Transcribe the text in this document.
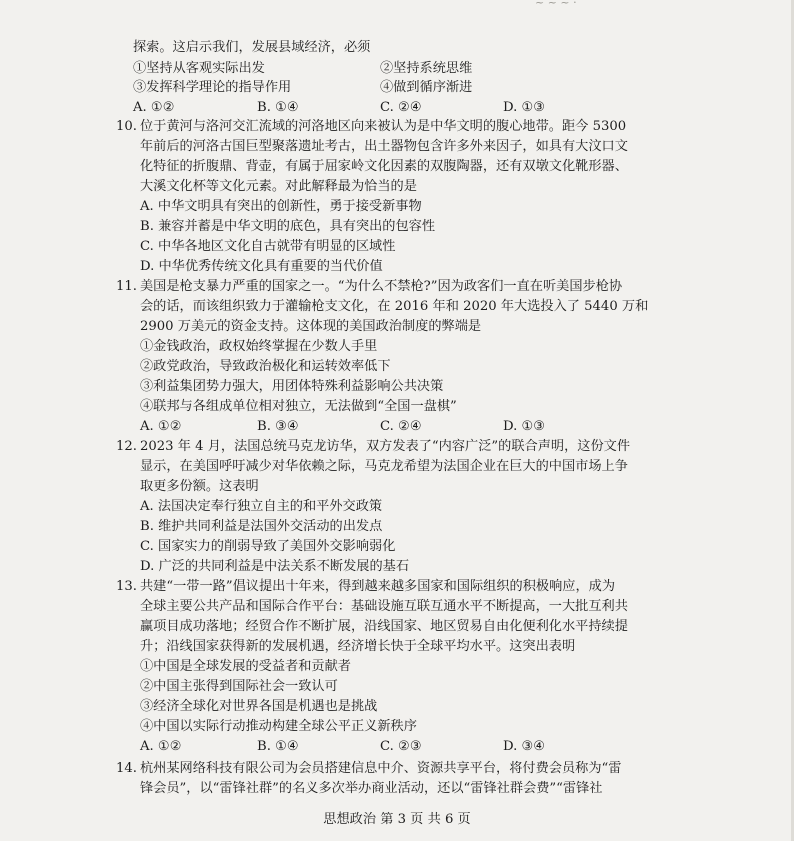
~ ~ ~ ·
探索。这启示我们，发展县域经济，必须
①坚持从客观实际出发	②坚持系统思维
③发挥科学理论的指导作用	④做到循序渐进
A. ①②	B. ①④	C. ②④	D. ①③
10. 位于黄河与洛河交汇流域的河洛地区向来被认为是中华文明的腹心地带。距今 5300
年前后的河洛古国巨型聚落遗址考古，出土器物包含许多外来因子，如具有大汶口文
化特征的折腹鼎、背壶，有属于屈家岭文化因素的双腹陶器，还有双墩文化靴形器、
大溪文化杯等文化元素。对此解释最为恰当的是
A. 中华文明具有突出的创新性，勇于接受新事物
B. 兼容并蓄是中华文明的底色，具有突出的包容性
C. 中华各地区文化自古就带有明显的区域性
D. 中华优秀传统文化具有重要的当代价值
11. 美国是枪支暴力严重的国家之一。“为什么不禁枪?”因为政客们一直在听美国步枪协
会的话，而该组织致力于灌输枪支文化，在 2016 年和 2020 年大选投入了 5440 万和
2900 万美元的资金支持。这体现的美国政治制度的弊端是
①金钱政治，政权始终掌握在少数人手里
②政党政治，导致政治极化和运转效率低下
③利益集团势力强大，用团体特殊利益影响公共决策
④联邦与各组成单位相对独立，无法做到“全国一盘棋”
A. ①②	B. ③④	C. ②④	D. ①③
12. 2023 年 4 月，法国总统马克龙访华，双方发表了“内容广泛”的联合声明，这份文件
显示，在美国呼吁减少对华依赖之际，马克龙希望为法国企业在巨大的中国市场上争
取更多份额。这表明
A. 法国决定奉行独立自主的和平外交政策
B. 维护共同利益是法国外交活动的出发点
C. 国家实力的削弱导致了美国外交影响弱化
D. 广泛的共同利益是中法关系不断发展的基石
13. 共建“一带一路”倡议提出十年来，得到越来越多国家和国际组织的积极响应，成为
全球主要公共产品和国际合作平台：基础设施互联互通水平不断提高，一大批互利共
赢项目成功落地；经贸合作不断扩展，沿线国家、地区贸易自由化便利化水平持续提
升；沿线国家获得新的发展机遇，经济增长快于全球平均水平。这突出表明
①中国是全球发展的受益者和贡献者
②中国主张得到国际社会一致认可
③经济全球化对世界各国是机遇也是挑战
④中国以实际行动推动构建全球公平正义新秩序
A. ①②	B. ①④	C. ②③	D. ③④
14. 杭州某网络科技有限公司为会员搭建信息中介、资源共享平台，将付费会员称为“雷
锋会员”，以“雷锋社群”的名义多次举办商业活动，还以“雷锋社群会费”“雷锋社
思想政治 第 3 页 共 6 页
